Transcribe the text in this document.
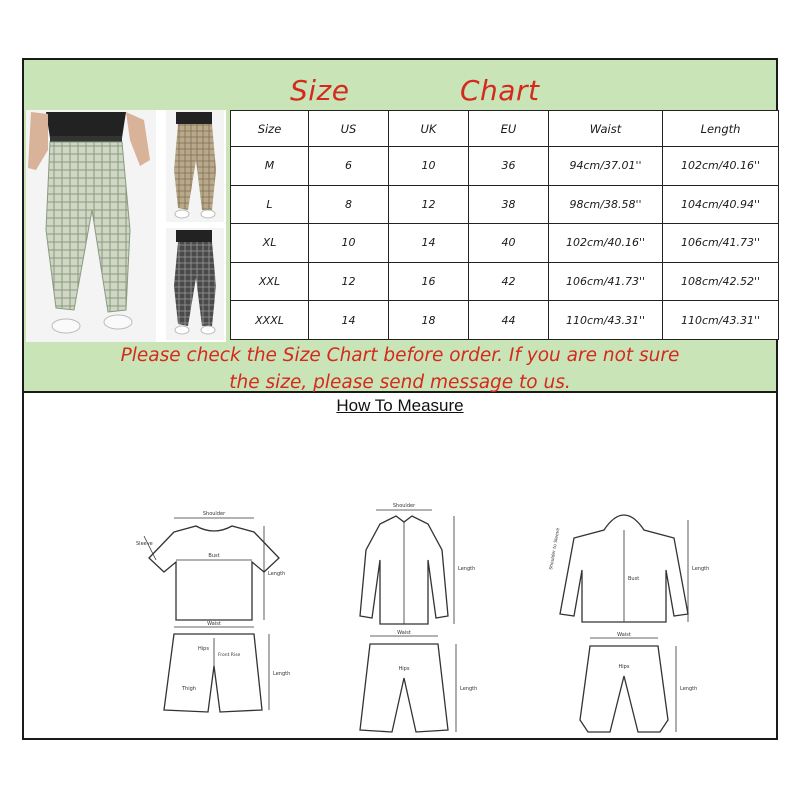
Size	Chart
Size	US	UK	EU	Waist	Length
M	6	10	36	94cm/37.01''	102cm/40.16''
L	8	12	38	98cm/38.58''	104cm/40.94''
XL	10	14	40	102cm/40.16''	106cm/41.73''
XXL	12	16	42	106cm/41.73''	108cm/42.52''
XXXL	14	18	44	110cm/43.31''	110cm/43.31''
Please check the Size Chart before order. If you are not sure
the size, please send message to us.
How To Measure
Shoulder
Bust
Length
Sleeve
Waist
Hips
Front Rise
Thigh
Length
Shoulder
Length
Waist
Hips
Length
Shoulder to Sleeve
Bust
Length
Waist
Hips
Length
